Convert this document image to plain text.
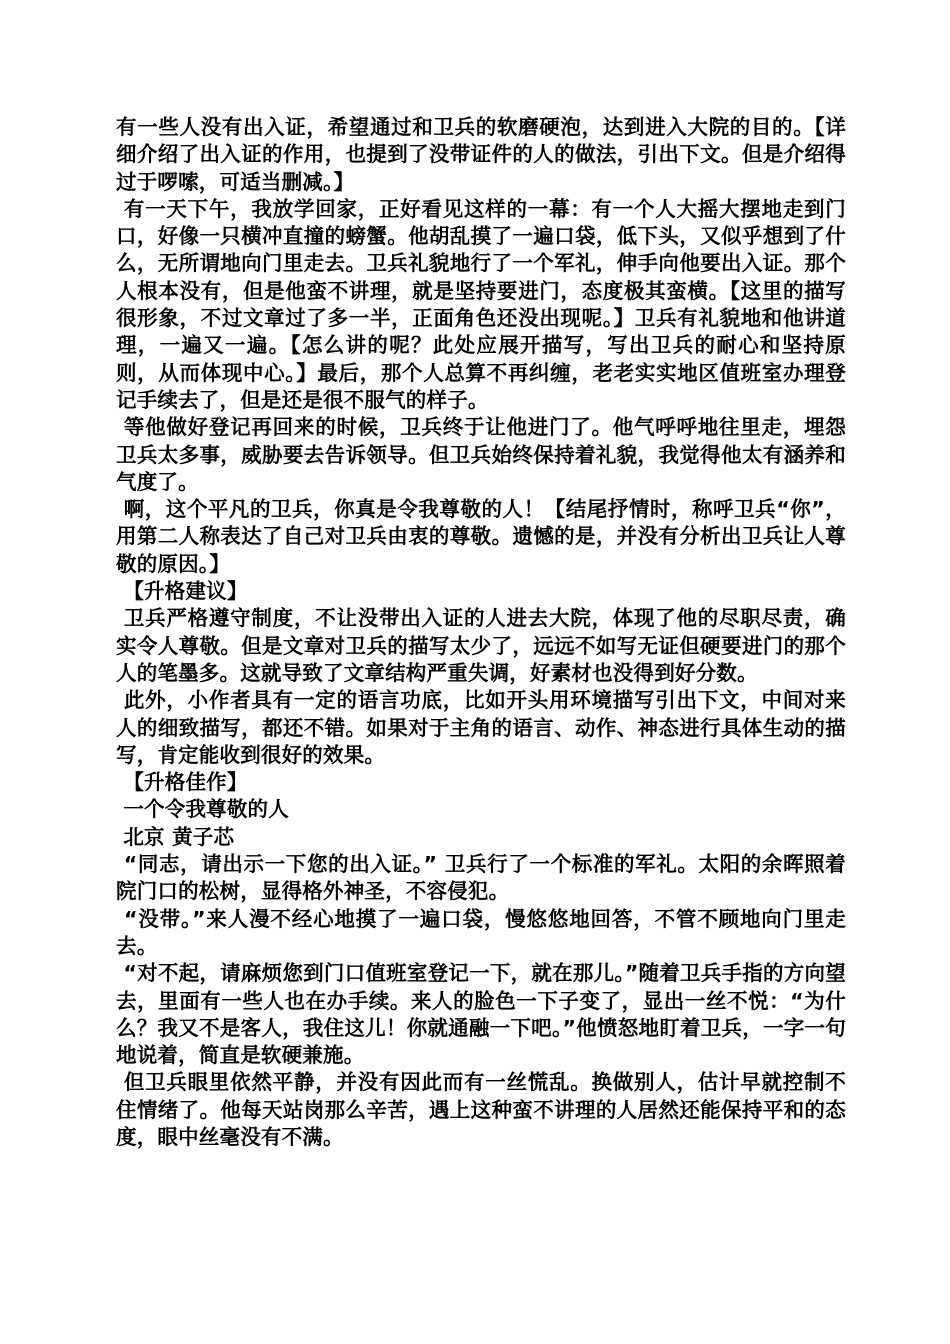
有一些人没有出入证，希望通过和卫兵的软磨硬泡，达到进入大院的目的。【详细介绍了出入证的作用，也提到了没带证件的人的做法，引出下文。但是介绍得过于啰嗦，可适当删减。】

有一天下午，我放学回家，正好看见这样的一幕：有一个人大摇大摆地走到门口，好像一只横冲直撞的螃蟹。他胡乱摸了一遍口袋，低下头，又似乎想到了什么，无所谓地向门里走去。卫兵礼貌地行了一个军礼，伸手向他要出入证。那个人根本没有，但是他蛮不讲理，就是坚持要进门，态度极其蛮横。【这里的描写很形象，不过文章过了多一半，正面角色还没出现呢。】卫兵有礼貌地和他讲道理，一遍又一遍。【怎么讲的呢？此处应展开描写，写出卫兵的耐心和坚持原则，从而体现中心。】最后，那个人总算不再纠缠，老老实实地区值班室办理登记手续去了，但是还是很不服气的样子。

等他做好登记再回来的时候，卫兵终于让他进门了。他气呼呼地往里走，埋怨卫兵太多事，威胁要去告诉领导。但卫兵始终保持着礼貌，我觉得他太有涵养和气度了。

啊，这个平凡的卫兵，你真是令我尊敬的人！【结尾抒情时，称呼卫兵“你”，用第二人称表达了自己对卫兵由衷的尊敬。遗憾的是，并没有分析出卫兵让人尊敬的原因。】

【升格建议】

卫兵严格遵守制度，不让没带出入证的人进去大院，体现了他的尽职尽责，确实令人尊敬。但是文章对卫兵的描写太少了，远远不如写无证但硬要进门的那个人的笔墨多。这就导致了文章结构严重失调，好素材也没得到好分数。

此外，小作者具有一定的语言功底，比如开头用环境描写引出下文，中间对来人的细致描写，都还不错。如果对于主角的语言、动作、神态进行具体生动的描写，肯定能收到很好的效果。

【升格佳作】

一个令我尊敬的人

北京 黄子芯

“同志，请出示一下您的出入证。” 卫兵行了一个标准的军礼。太阳的余晖照着院门口的松树，显得格外神圣，不容侵犯。

“没带。”来人漫不经心地摸了一遍口袋，慢悠悠地回答，不管不顾地向门里走去。

“对不起，请麻烦您到门口值班室登记一下，就在那儿。”随着卫兵手指的方向望去，里面有一些人也在办手续。来人的脸色一下子变了，显出一丝不悦：“为什么？我又不是客人，我住这儿！你就通融一下吧。”他愤怒地盯着卫兵，一字一句地说着，简直是软硬兼施。

但卫兵眼里依然平静，并没有因此而有一丝慌乱。换做别人，估计早就控制不住情绪了。他每天站岗那么辛苦，遇上这种蛮不讲理的人居然还能保持平和的态度，眼中丝毫没有不满。
